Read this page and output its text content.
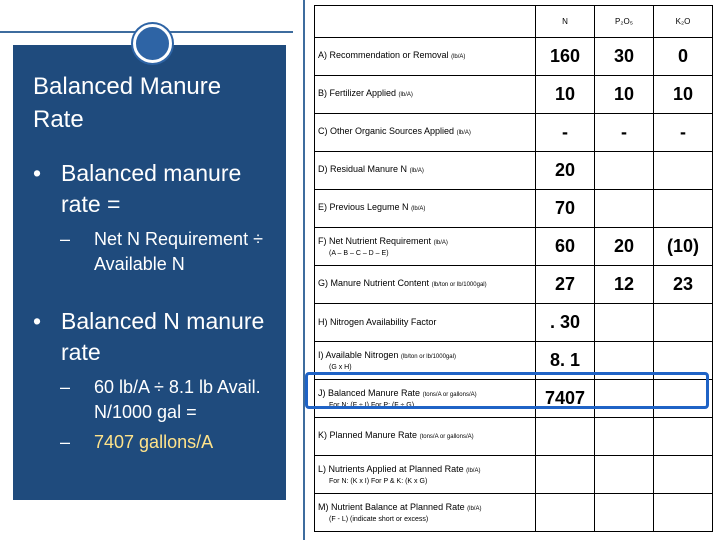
Balanced Manure Rate
• Balanced manure rate =
–	Net N Requirement ÷ Available N
• Balanced N manure rate
–	60 lb/A ÷ 8.1 lb Avail. N/1000 gal =
–	7407 gallons/A
	N	P₂O₅	K₂O
A) Recommendation or Removal (lb/A)	160	30	0
B) Fertilizer Applied (lb/A)	10	10	10
C) Other Organic Sources Applied (lb/A)	-	-	-
D) Residual Manure N (lb/A)	20		
E) Previous Legume N (lb/A)	70		
F) Net Nutrient Requirement (lb/A)
(A – B – C – D – E)	60	20	(10)
G) Manure Nutrient Content (lb/ton or lb/1000gal)	27	12	23
H) Nitrogen Availability Factor	. 30		
I) Available Nitrogen (lb/ton or lb/1000gal)
(G x H)	8. 1		
J) Balanced Manure Rate (tons/A or gallons/A)
For N: (F ÷ I) For P: (F ÷ G)	7407		
K) Planned Manure Rate (tons/A or gallons/A)			
L) Nutrients Applied at Planned Rate (lb/A)
For N: (K x I) For P & K: (K x G)			

M) Nutrient Balance at Planned Rate (lb/A)
(F - L) (indicate short or excess)			
